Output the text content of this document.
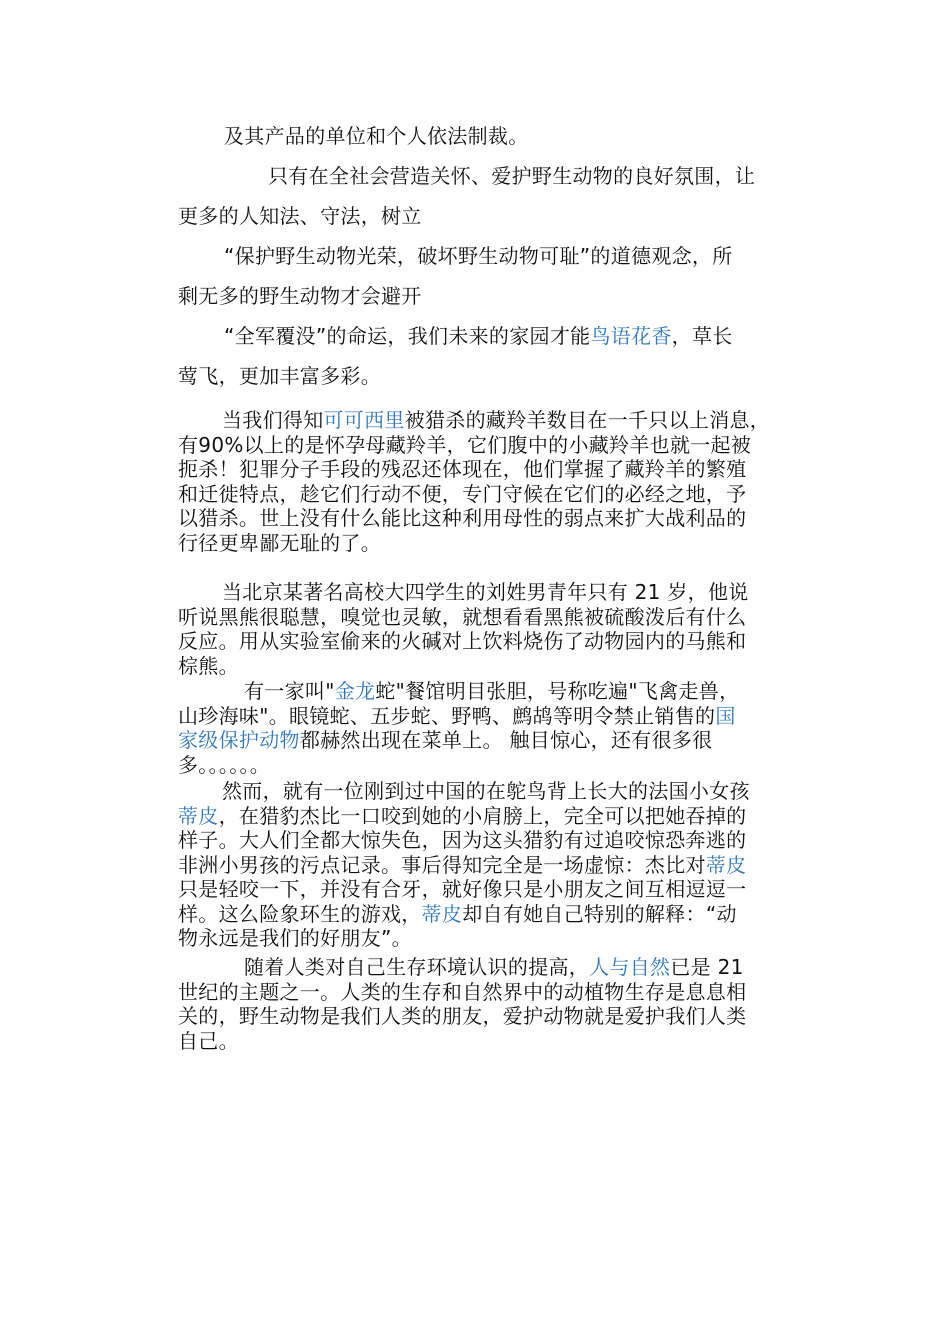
及其产品的单位和个人依法制裁。
只有在全社会营造关怀、爱护野生动物的良好氛围，让
更多的人知法、守法，树立
“保护野生动物光荣，破坏野生动物可耻”的道德观念，所
剩无多的野生动物才会避开
“全军覆没”的命运，我们未来的家园才能鸟语花香，草长
莺飞，更加丰富多彩。
当我们得知可可西里被猎杀的藏羚羊数目在一千只以上消息，
有90%以上的是怀孕母藏羚羊，它们腹中的小藏羚羊也就一起被
扼杀！犯罪分子手段的残忍还体现在，他们掌握了藏羚羊的繁殖
和迁徙特点，趁它们行动不便，专门守候在它们的必经之地，予
以猎杀。世上没有什么能比这种利用母性的弱点来扩大战利品的
行径更卑鄙无耻的了。
当北京某著名高校大四学生的刘姓男青年只有 21 岁，他说
听说黑熊很聪慧，嗅觉也灵敏，就想看看黑熊被硫酸泼后有什么
反应。用从实验室偷来的火碱对上饮料烧伤了动物园内的马熊和
棕熊。
有一家叫"金龙蛇"餐馆明目张胆，号称吃遍"飞禽走兽，
山珍海味"。眼镜蛇、五步蛇、野鸭、鹧鸪等明令禁止销售的国
家级保护动物都赫然出现在菜单上。 触目惊心，还有很多很
多。。。。。。
然而，就有一位刚到过中国的在鸵鸟背上长大的法国小女孩
蒂皮，在猎豹杰比一口咬到她的小肩膀上，完全可以把她吞掉的
样子。大人们全都大惊失色，因为这头猎豹有过追咬惊恐奔逃的
非洲小男孩的污点记录。事后得知完全是一场虚惊：杰比对蒂皮
只是轻咬一下，并没有合牙，就好像只是小朋友之间互相逗逗一
样。这么险象环生的游戏，蒂皮却自有她自己特别的解释：“动
物永远是我们的好朋友”。
随着人类对自己生存环境认识的提高，人与自然已是 21
世纪的主题之一。人类的生存和自然界中的动植物生存是息息相
关的，野生动物是我们人类的朋友，爱护动物就是爱护我们人类
自己。
